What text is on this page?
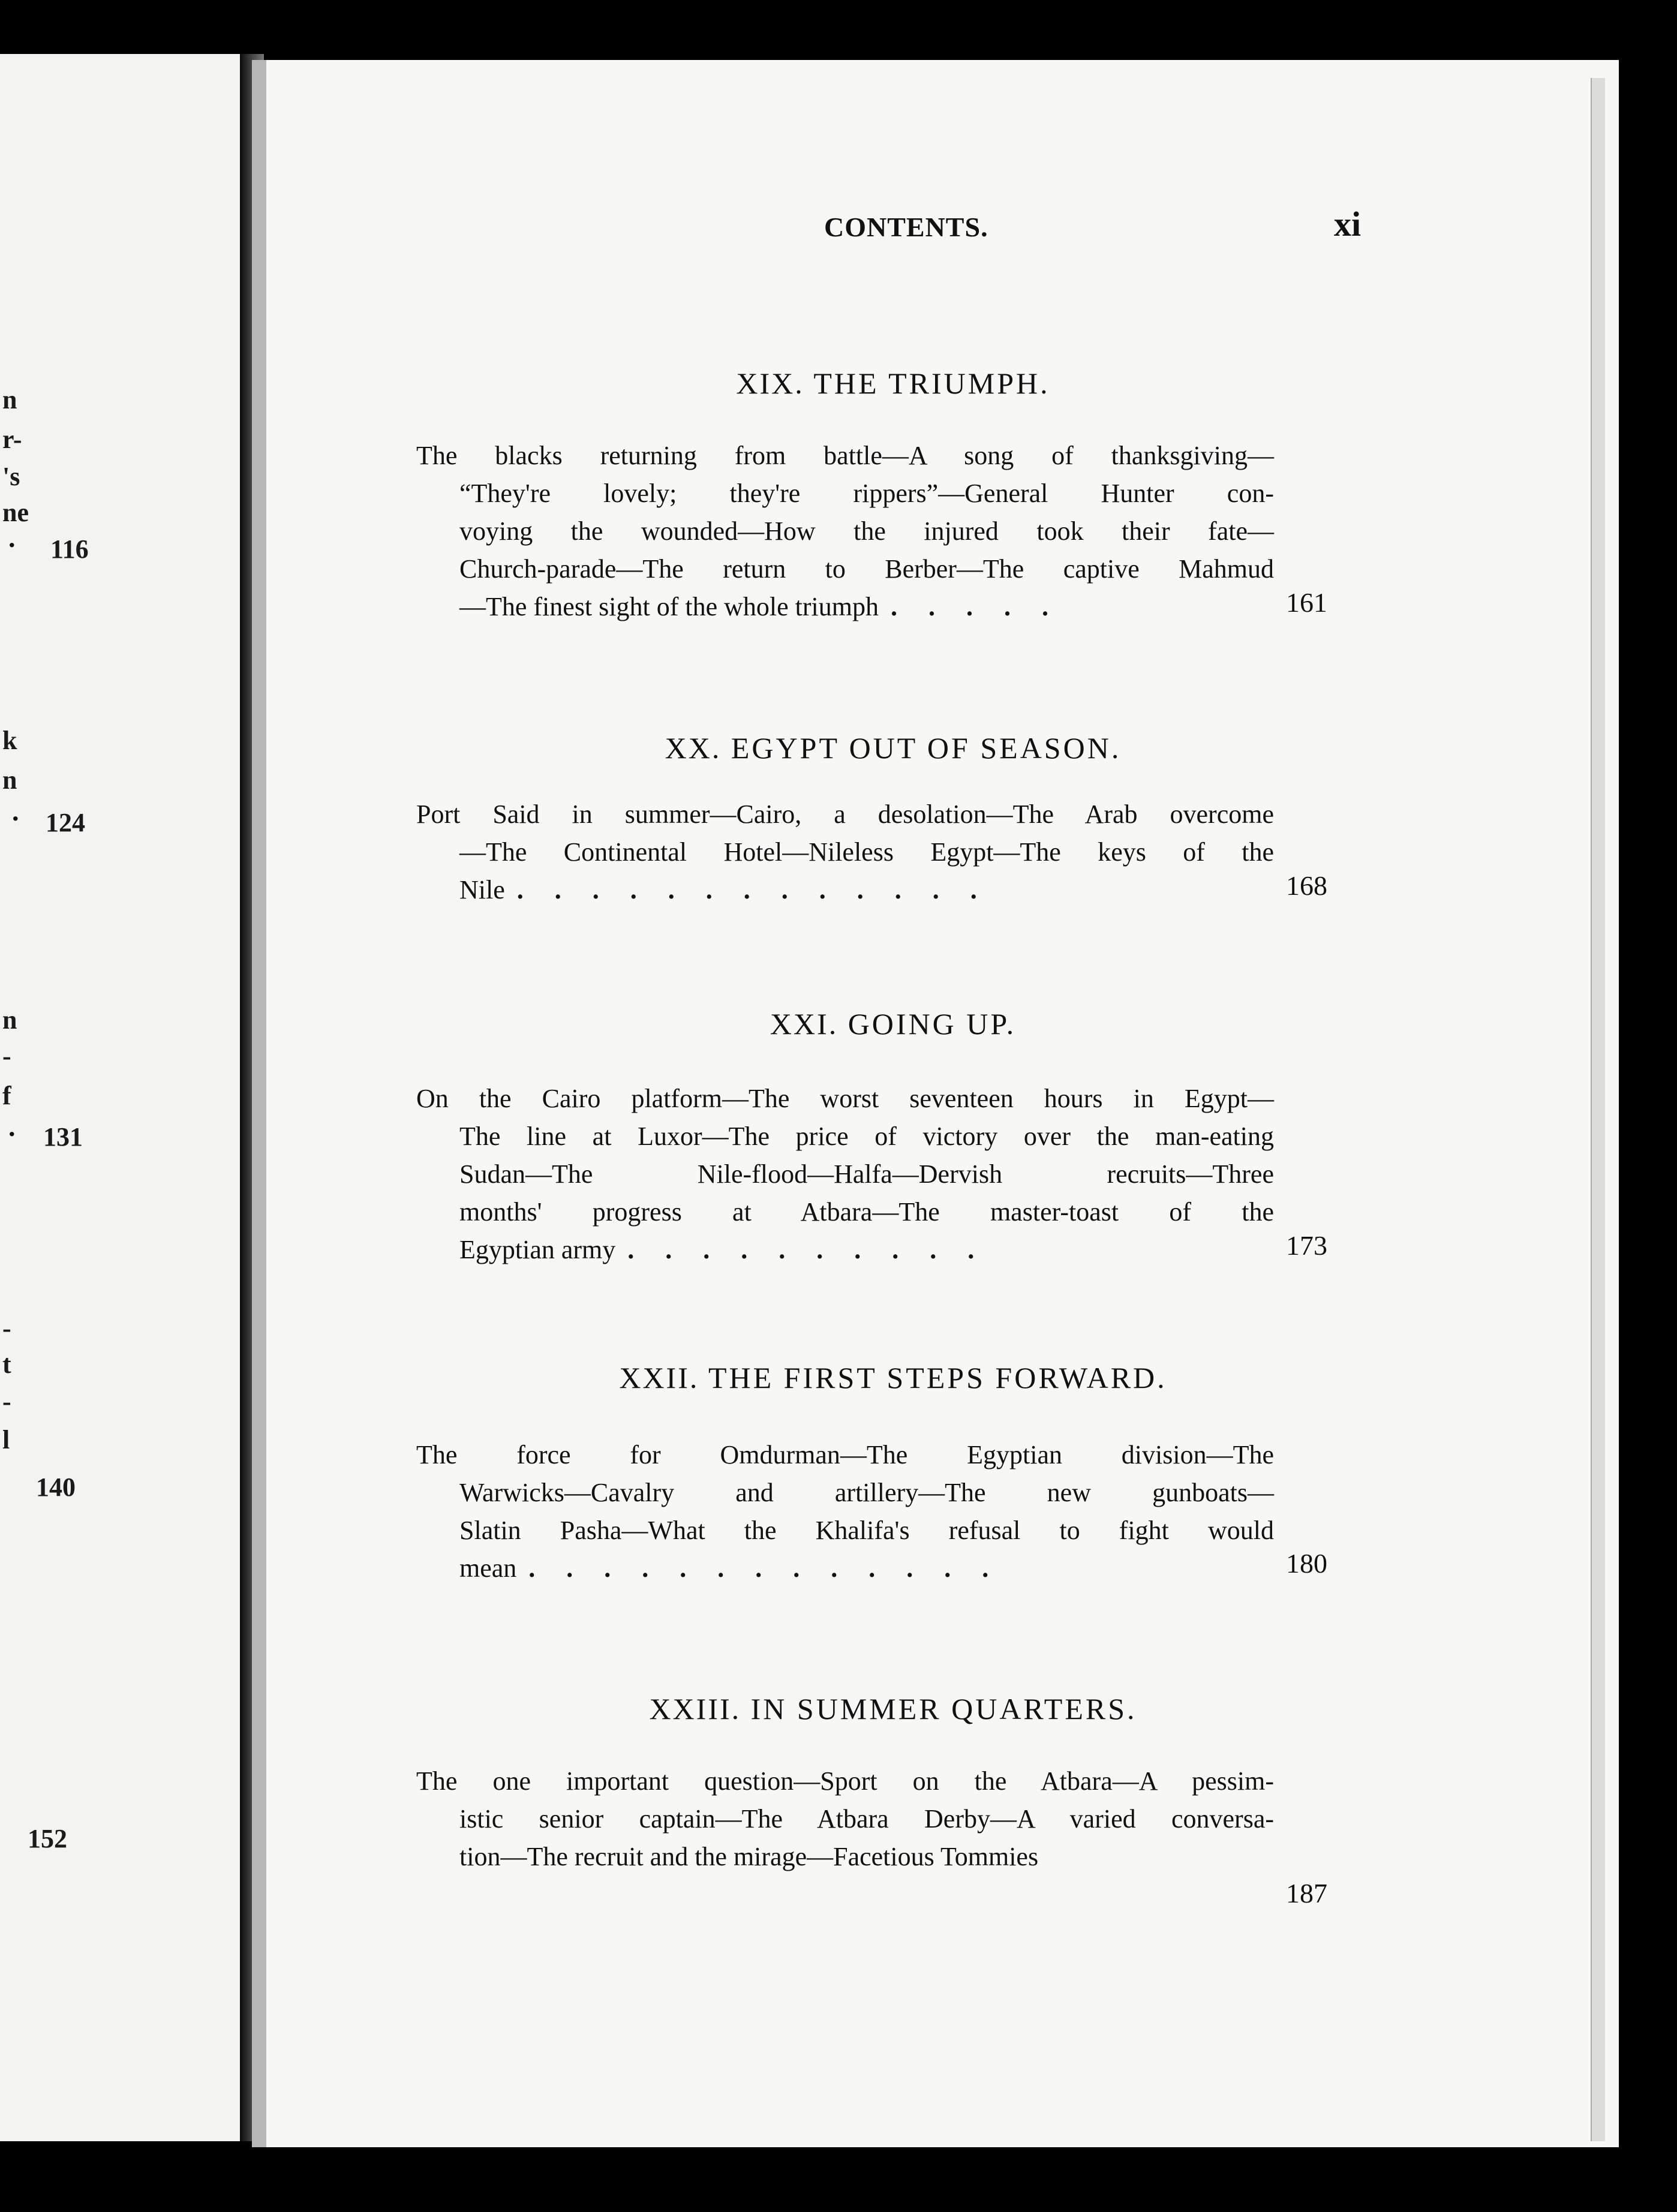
n
r-
's
ne
. 116
k
n
. 124
n
-
f
. 131
-
t
-
l
140
152
CONTENTS.	xi
XIX. THE TRIUMPH.
The blacks returning from battle—A song of thanksgiving—
“They're lovely; they're rippers”—General Hunter con-
voying the wounded—How the injured took their fate—
Church-parade—The return to Berber—The captive Mahmud
—The finest sight of the whole triumph .....	161
XX. EGYPT OUT OF SEASON.
Port Said in summer—Cairo, a desolation—The Arab overcome
—The Continental Hotel—Nileless Egypt—The keys of the
Nile .............	168
XXI. GOING UP.
On the Cairo platform—The worst seventeen hours in Egypt—
The line at Luxor—The price of victory over the man-eating
Sudan—The Nile-flood—Halfa—Dervish recruits—Three
months' progress at Atbara—The master-toast of the
Egyptian army ..........	173
XXII. THE FIRST STEPS FORWARD.
The force for Omdurman—The Egyptian division—The
Warwicks—Cavalry and artillery—The new gunboats—
Slatin Pasha—What the Khalifa's refusal to fight would
mean .............	180
XXIII. IN SUMMER QUARTERS.
The one important question—Sport on the Atbara—A pessim-
istic senior captain—The Atbara Derby—A varied conversa-
tion—The recruit and the mirage—Facetious Tommies
187
